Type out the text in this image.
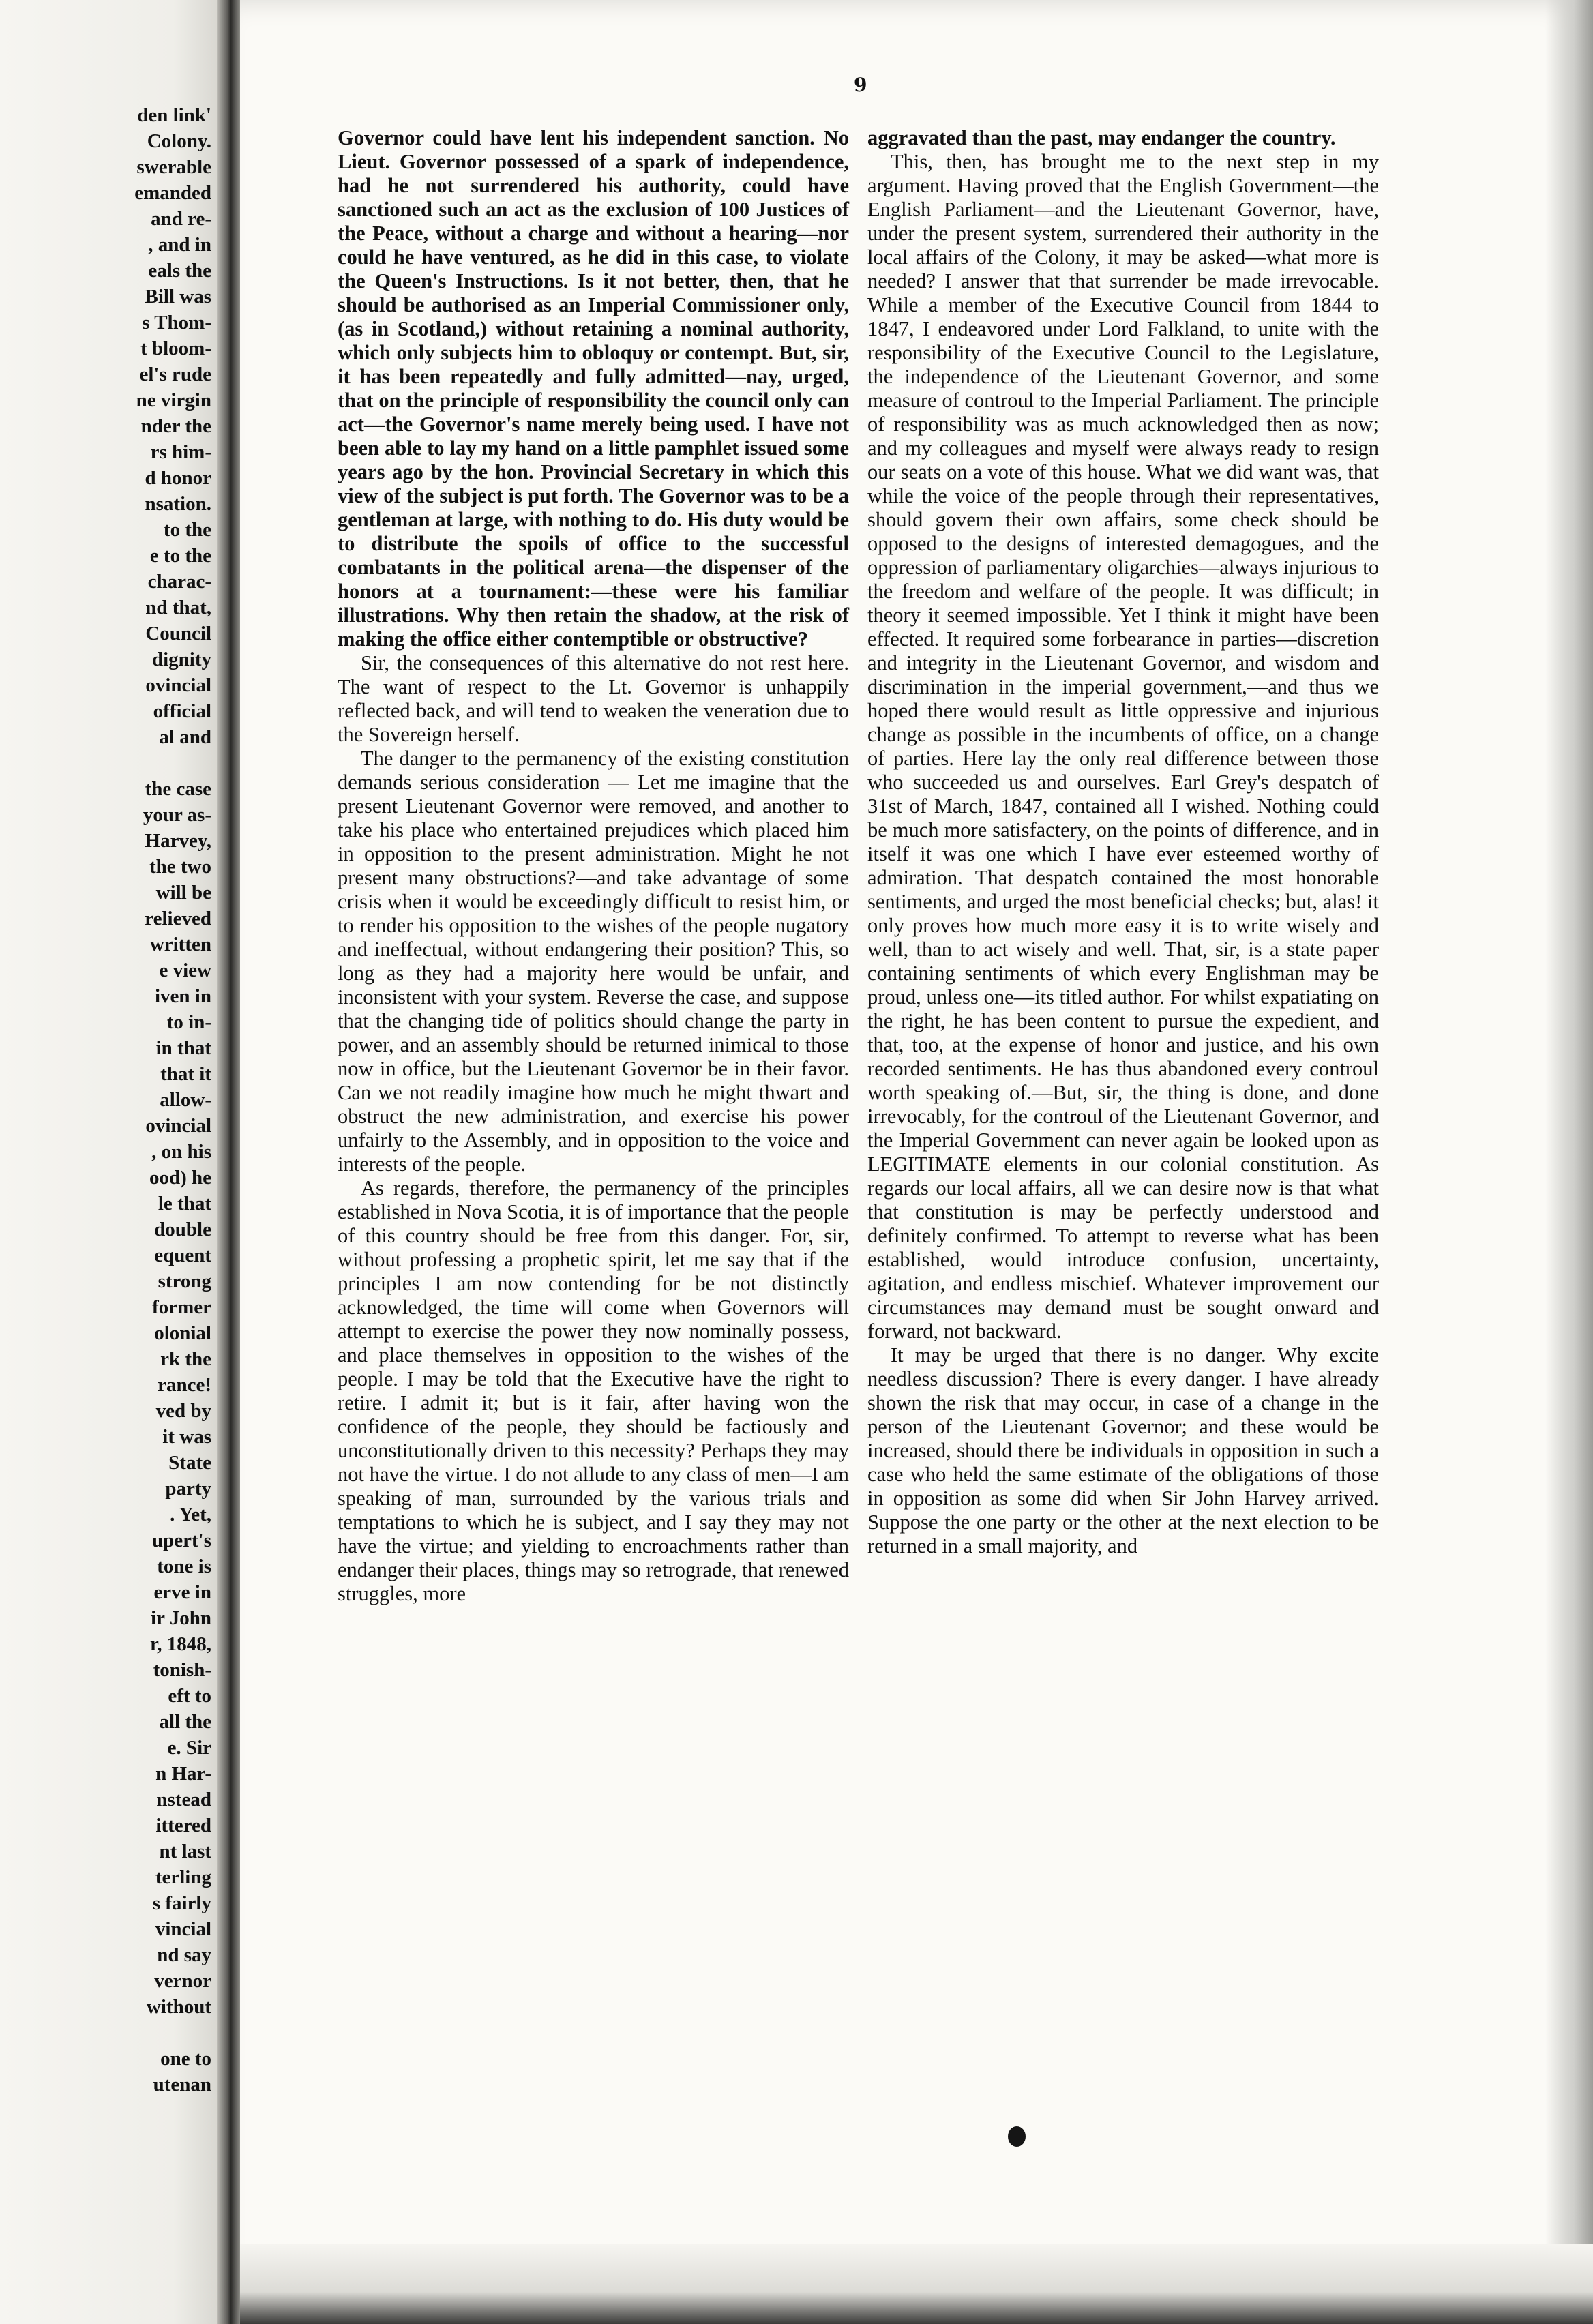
den link'
Colony.
swerable
emanded
and re-
, and in
eals the
Bill was
s Thom-
t bloom-
el's rude
ne virgin
nder the
rs him-
d honor
nsation.
to the
e to the
charac-
nd that,
Council
dignity
ovincial
official
al and
the case
your as-
Harvey,
the two
will be
relieved
written
e view
iven in
to in-
in that
that it
allow-
ovincial
, on his
ood) he
le that
double
equent
strong
former
olonial
rk the
rance!
ved by
it was
State
party
. Yet,
upert's
tone is
erve in
ir John
r, 1848,
tonish-
eft to
all the
e. Sir
n Har-
nstead
ittered
nt last
terling
s fairly
vincial
nd say
vernor
without
one to
utenan
9

Governor could have lent his independent sanction. No Lieut. Governor possessed of a spark of independence, had he not surrendered his authority, could have sanctioned such an act as the exclusion of 100 Justices of the Peace, without a charge and without a hearing—nor could he have ventured, as he did in this case, to violate the Queen's Instructions. Is it not better, then, that he should be authorised as an Imperial Commissioner only, (as in Scotland,) without retaining a nominal authority, which only subjects him to obloquy or contempt. But, sir, it has been repeatedly and fully admitted—nay, urged, that on the principle of responsibility the council only can act—the Governor's name merely being used. I have not been able to lay my hand on a little pamphlet issued some years ago by the hon. Provincial Secretary in which this view of the subject is put forth. The Governor was to be a gentleman at large, with nothing to do. His duty would be to distribute the spoils of office to the successful combatants in the political arena—the dispenser of the honors at a tournament:—these were his familiar illustrations. Why then retain the shadow, at the risk of making the office either contemptible or obstructive?

Sir, the consequences of this alternative do not rest here. The want of respect to the Lt. Governor is unhappily reflected back, and will tend to weaken the veneration due to the Sovereign herself.

The danger to the permanency of the existing constitution demands serious consideration — Let me imagine that the present Lieutenant Governor were removed, and another to take his place who entertained prejudices which placed him in opposition to the present administration. Might he not present many obstructions?—and take advantage of some crisis when it would be exceedingly difficult to resist him, or to render his opposition to the wishes of the people nugatory and ineffectual, without endangering their position? This, so long as they had a majority here would be unfair, and inconsistent with your system. Reverse the case, and suppose that the changing tide of politics should change the party in power, and an assembly should be returned inimical to those now in office, but the Lieutenant Governor be in their favor. Can we not readily imagine how much he might thwart and obstruct the new administration, and exercise his power unfairly to the Assembly, and in opposition to the voice and interests of the people.

As regards, therefore, the permanency of the principles established in Nova Scotia, it is of importance that the people of this country should be free from this danger. For, sir, without professing a prophetic spirit, let me say that if the principles I am now contending for be not distinctly acknowledged, the time will come when Governors will attempt to exercise the power they now nominally possess, and place themselves in opposition to the wishes of the people. I may be told that the Executive have the right to retire. I admit it; but is it fair, after having won the confidence of the people, they should be factiously and unconstitutionally driven to this necessity? Perhaps they may not have the virtue. I do not allude to any class of men—I am speaking of man, surrounded by the various trials and temptations to which he is subject, and I say they may not have the virtue; and yielding to encroachments rather than endanger their places, things may so retrograde, that renewed struggles, more

aggravated than the past, may endanger the country.

This, then, has brought me to the next step in my argument. Having proved that the English Government—the English Parliament—and the Lieutenant Governor, have, under the present system, surrendered their authority in the local affairs of the Colony, it may be asked—what more is needed? I answer that that surrender be made irrevocable. While a member of the Executive Council from 1844 to 1847, I endeavored under Lord Falkland, to unite with the responsibility of the Executive Council to the Legislature, the independence of the Lieutenant Governor, and some measure of controul to the Imperial Parliament. The principle of responsibility was as much acknowledged then as now; and my colleagues and myself were always ready to resign our seats on a vote of this house. What we did want was, that while the voice of the people through their representatives, should govern their own affairs, some check should be opposed to the designs of interested demagogues, and the oppression of parliamentary oligarchies—always injurious to the freedom and welfare of the people. It was difficult; in theory it seemed impossible. Yet I think it might have been effected. It required some forbearance in parties—discretion and integrity in the Lieutenant Governor, and wisdom and discrimination in the imperial government,—and thus we hoped there would result as little oppressive and injurious change as possible in the incumbents of office, on a change of parties. Here lay the only real difference between those who succeeded us and ourselves. Earl Grey's despatch of 31st of March, 1847, contained all I wished. Nothing could be much more satisfactery, on the points of difference, and in itself it was one which I have ever esteemed worthy of admiration. That despatch contained the most honorable sentiments, and urged the most beneficial checks; but, alas! it only proves how much more easy it is to write wisely and well, than to act wisely and well. That, sir, is a state paper containing sentiments of which every Englishman may be proud, unless one—its titled author. For whilst expatiating on the right, he has been content to pursue the expedient, and that, too, at the expense of honor and justice, and his own recorded sentiments. He has thus abandoned every controul worth speaking of.—But, sir, the thing is done, and done irrevocably, for the controul of the Lieutenant Governor, and the Imperial Government can never again be looked upon as LEGITIMATE elements in our colonial constitution. As regards our local affairs, all we can desire now is that what that constitution is may be perfectly understood and definitely confirmed. To attempt to reverse what has been established, would introduce confusion, uncertainty, agitation, and endless mischief. Whatever improvement our circumstances may demand must be sought onward and forward, not backward.

It may be urged that there is no danger. Why excite needless discussion? There is every danger. I have already shown the risk that may occur, in case of a change in the person of the Lieutenant Governor; and these would be increased, should there be individuals in opposition in such a case who held the same estimate of the obligations of those in opposition as some did when Sir John Harvey arrived. Suppose the one party or the other at the next election to be returned in a small majority, and
